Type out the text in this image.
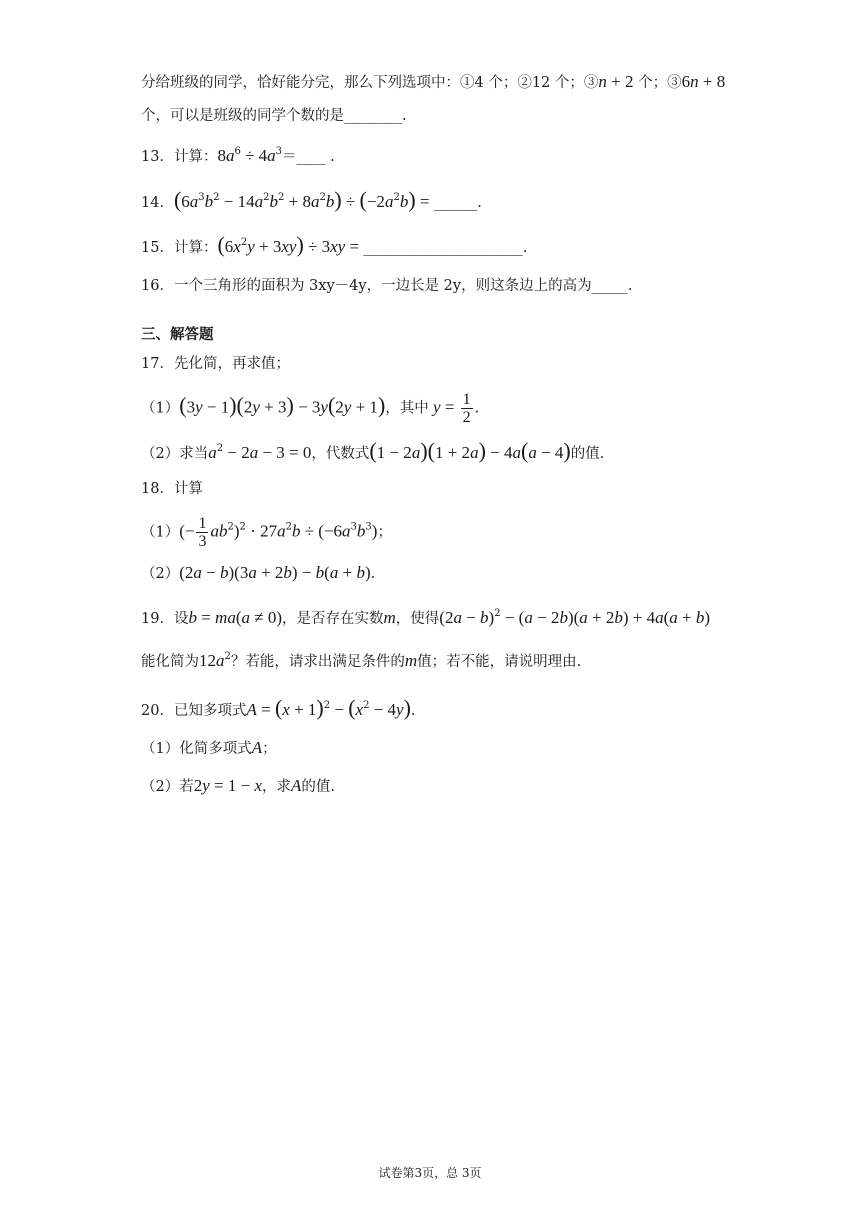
分给班级的同学，恰好能分完，那么下列选项中：①4 个；②12 个；③n + 2 个；③6n + 8
个，可以是班级的同学个数的是________.
13．计算：$8a^6$ ÷ $4a^3=\_\_\_\_$ .
14．$(6a^3b^2 - 14a^2b^2 + 8a^2b) \div (-2a^2b)$ = ______.
15．计算：$(6x^2y + 3xy) \div 3xy$ = ______________________.
16．一个三角形的面积为 3xy－4y，一边长是 2y，则这条边上的高为_____.
三、解答题
17．先化简，再求值；
（1）(3y − 1)(2y + 3) − 3y(2y + 1)，其中 $y = \frac{1}{2}$ .
（2）求当$a^2 - 2a - 3 = 0$，代数式(1 − 2a)(1 + 2a) − 4a(a − 4)的值.
18．计算
$(1)(- \frac{1}{3} ab^2)^2 \cdot 27a^2b \div (-6a^3b^3)$；
（2）(2a − b)(3a + 2b) − b(a + b).
19．设b = ma(a ≠ 0)，是否存在实数m，使得$(2a - b)^2 - (a - 2b)(a + 2b) + 4a(a + b)$
能化简为$12a^2$？若能，请求出满足条件的m值；若不能，请说明理由.
20．已知多项式$A = (x + 1)^2 - (x^2 - 4y)$.
（1）化简多项式A；
（2）若2y = 1 − x，求A的值.
试卷第3页，总 3页
